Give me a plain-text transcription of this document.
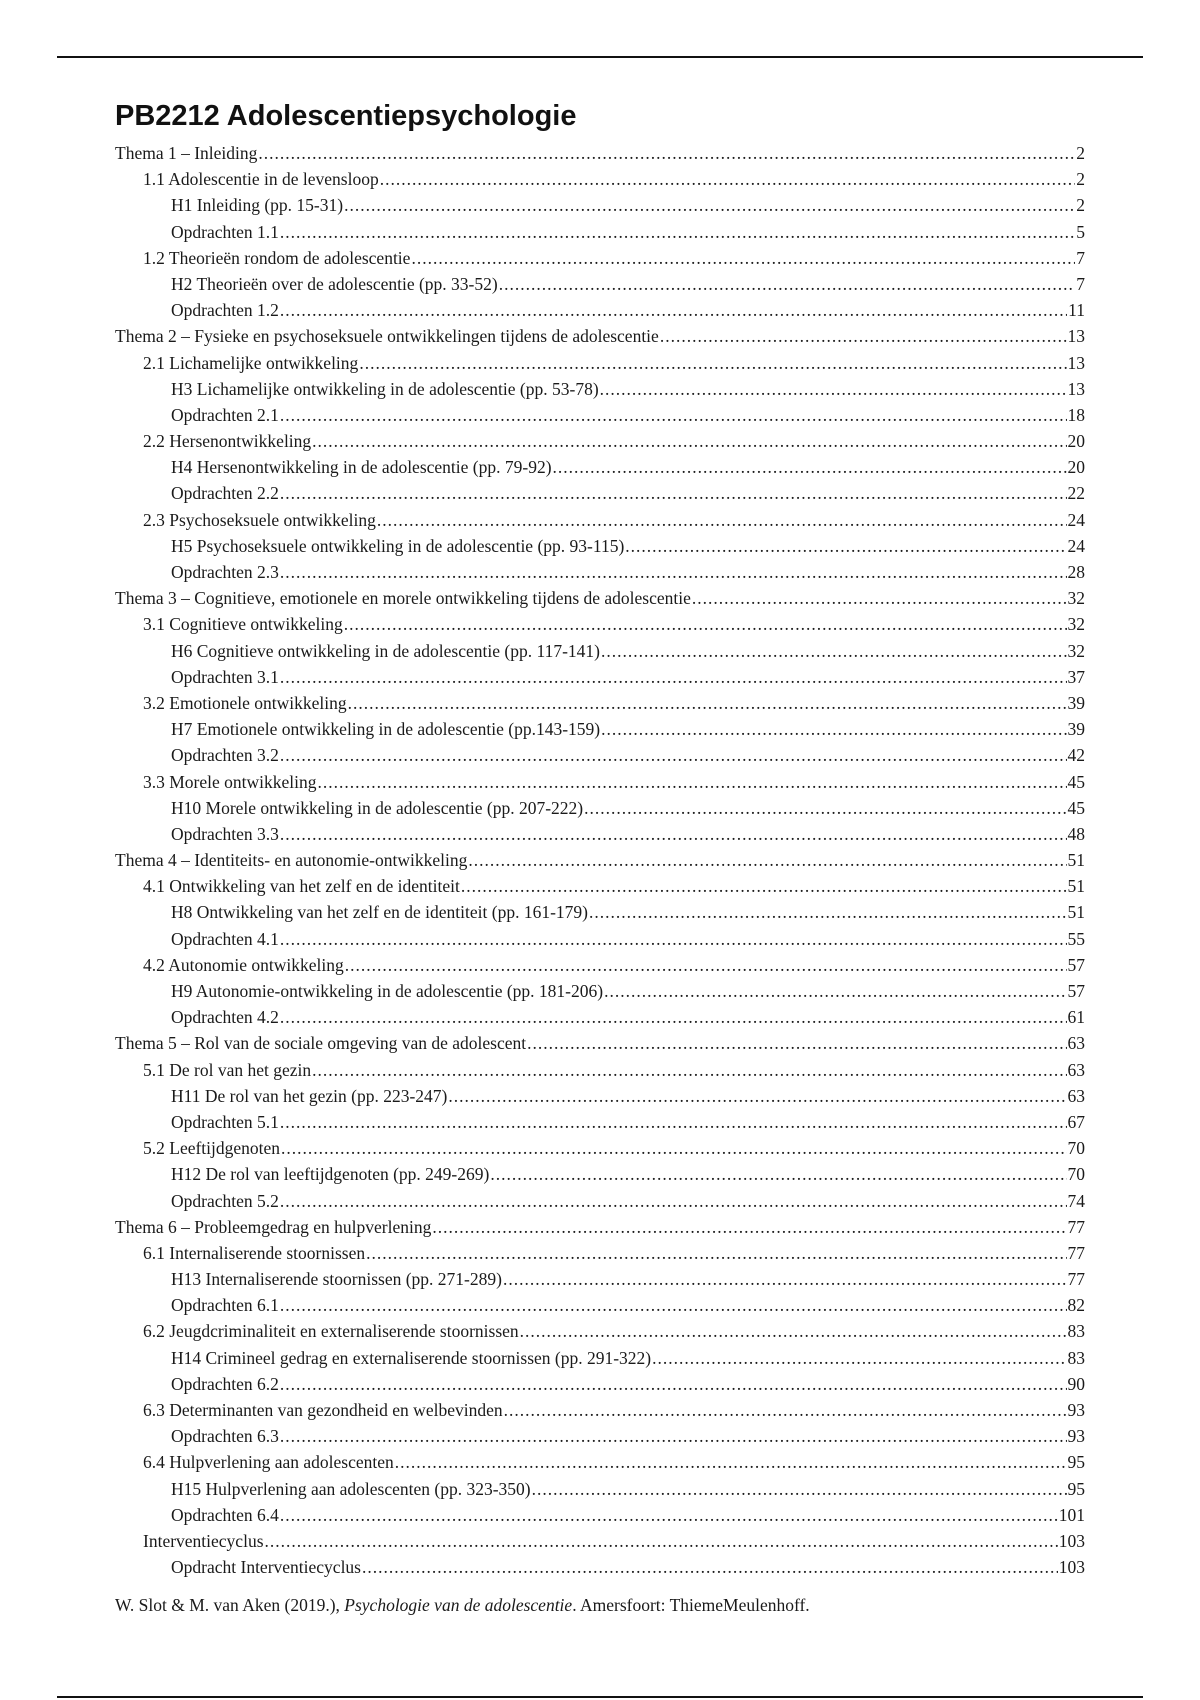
PB2212 Adolescentiepsychologie
Thema 1 – Inleiding .....	2
1.1 Adolescentie in de levensloop .....	2
H1 Inleiding (pp. 15-31) .....	2
Opdrachten 1.1 .....	5
1.2 Theorieën rondom de adolescentie .....	7
H2 Theorieën over de adolescentie (pp. 33-52) .....	7
Opdrachten 1.2 .....	11
Thema 2 – Fysieke en psychoseksuele ontwikkelingen tijdens de adolescentie .....	13
2.1 Lichamelijke ontwikkeling .....	13
H3 Lichamelijke ontwikkeling in de adolescentie (pp. 53-78) .....	13
Opdrachten 2.1 .....	18
2.2 Hersenontwikkeling .....	20
H4 Hersenontwikkeling in de adolescentie (pp. 79-92) .....	20
Opdrachten 2.2 .....	22
2.3 Psychoseksuele ontwikkeling .....	24
H5 Psychoseksuele ontwikkeling in de adolescentie (pp. 93-115) .....	24
Opdrachten 2.3 .....	28
Thema 3 – Cognitieve, emotionele en morele ontwikkeling tijdens de adolescentie .....	32
3.1 Cognitieve ontwikkeling .....	32
H6 Cognitieve ontwikkeling in de adolescentie (pp. 117-141) .....	32
Opdrachten 3.1 .....	37
3.2 Emotionele ontwikkeling .....	39
H7 Emotionele ontwikkeling in de adolescentie (pp.143-159) .....	39
Opdrachten 3.2 .....	42
3.3 Morele ontwikkeling .....	45
H10 Morele ontwikkeling in de adolescentie (pp. 207-222) .....	45
Opdrachten 3.3 .....	48
Thema 4 – Identiteits- en autonomie-ontwikkeling .....	51
4.1 Ontwikkeling van het zelf en de identiteit .....	51
H8 Ontwikkeling van het zelf en de identiteit (pp. 161-179) .....	51
Opdrachten 4.1 .....	55
4.2 Autonomie ontwikkeling .....	57
H9 Autonomie-ontwikkeling in de adolescentie (pp. 181-206) .....	57
Opdrachten 4.2 .....	61
Thema 5 – Rol van de sociale omgeving van de adolescent .....	63
5.1 De rol van het gezin .....	63
H11 De rol van het gezin (pp. 223-247) .....	63
Opdrachten 5.1 .....	67
5.2 Leeftijdgenoten .....	70
H12 De rol van leeftijdgenoten (pp. 249-269) .....	70
Opdrachten 5.2 .....	74
Thema 6 – Probleemgedrag en hulpverlening .....	77
6.1 Internaliserende stoornissen .....	77
H13 Internaliserende stoornissen (pp. 271-289) .....	77
Opdrachten 6.1 .....	82
6.2 Jeugdcriminaliteit en externaliserende stoornissen .....	83
H14 Crimineel gedrag en externaliserende stoornissen (pp. 291-322) .....	83
Opdrachten 6.2 .....	90
6.3 Determinanten van gezondheid en welbevinden .....	93
Opdrachten 6.3 .....	93
6.4 Hulpverlening aan adolescenten .....	95
H15 Hulpverlening aan adolescenten (pp. 323-350) .....	95
Opdrachten 6.4 .....	101
Interventiecyclus .....	103
Opdracht Interventiecyclus .....	103

W. Slot & M. van Aken (2019.), Psychologie van de adolescentie. Amersfoort: ThiemeMeulenhoff.
